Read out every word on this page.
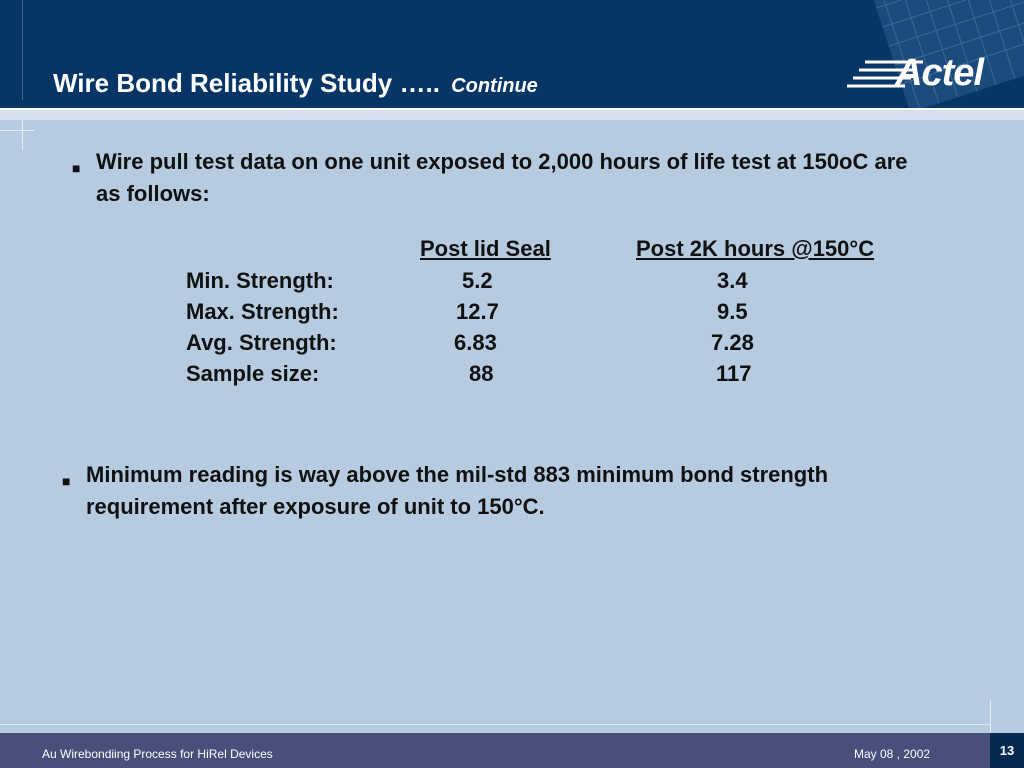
Wire Bond Reliability Study ….. Continue	Actel
■ Wire pull test data on one unit exposed to 2,000 hours of life test at 150oC are as follows:
Post lid Seal	Post 2K hours @150°C
Min. Strength:	5.2	3.4
Max. Strength:	12.7	9.5
Avg. Strength:	6.83	7.28
Sample size:	88	117
■ Minimum reading is way above the mil-std 883 minimum bond strength requirement after exposure of unit to 150°C.
Au Wirebondiing Process for HiRel Devices	May 08 , 2002	13
